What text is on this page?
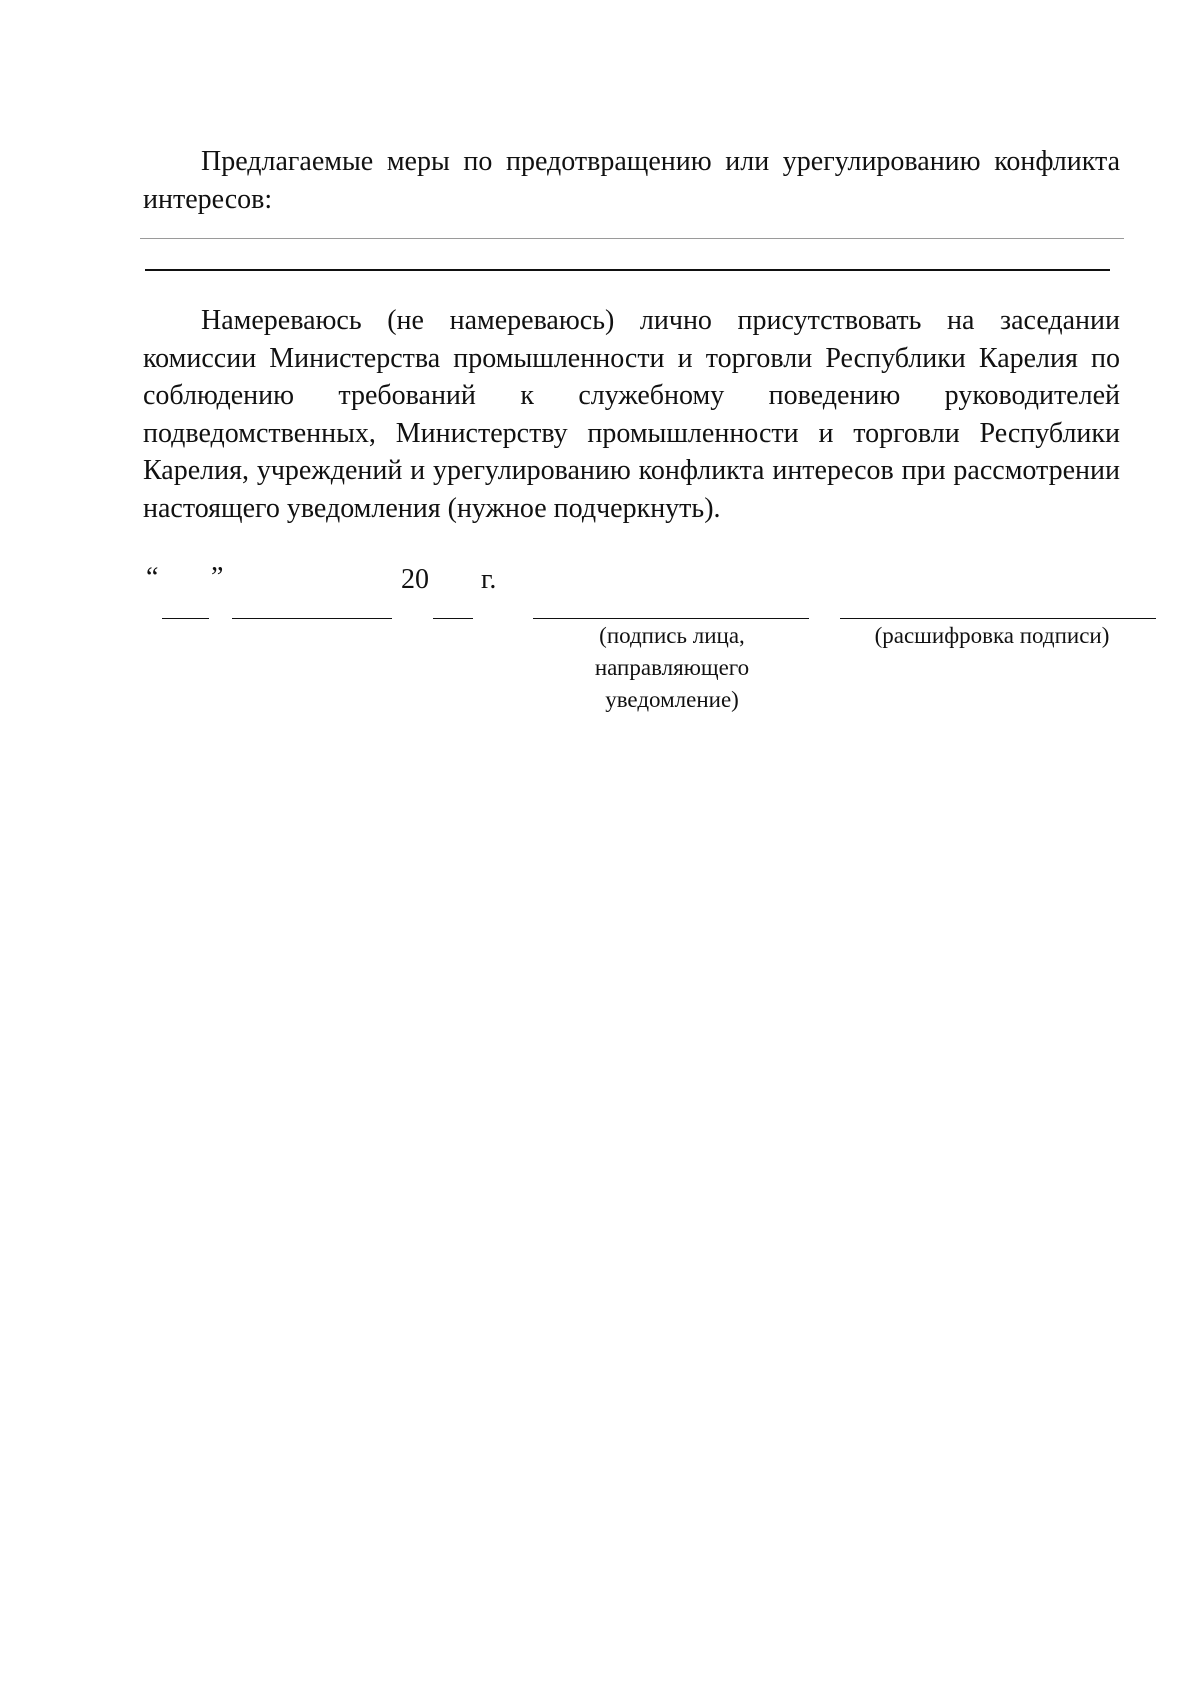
Предлагаемые меры по предотвращению или урегулированию конфликта интересов:

Намереваюсь (не намереваюсь) лично присутствовать на заседании комиссии Министерства промышленности и торговли Республики Карелия по соблюдению требований к служебному поведению руководителей подведомственных, Министерству промышленности и торговли Республики Карелия, учреждений и урегулированию конфликта интересов при рассмотрении настоящего уведомления (нужное подчеркнуть).

“ ”	20 г.
(подпись лица,
направляющего
уведомление)
(расшифровка подписи)
